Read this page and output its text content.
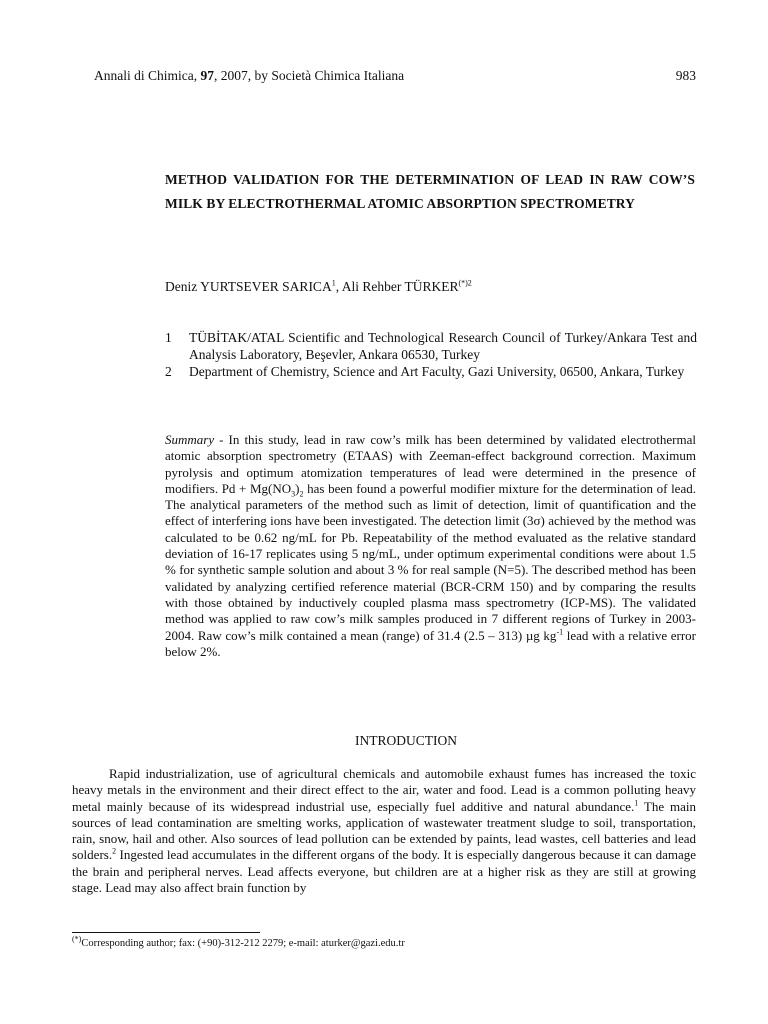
Annali di Chimica, 97, 2007, by Società Chimica Italiana	983
METHOD VALIDATION FOR THE DETERMINATION OF LEAD IN RAW COW’S MILK BY ELECTROTHERMAL ATOMIC ABSORPTION SPECTROMETRY
Deniz YURTSEVER SARICA$^1$, Ali Rehber $TÜRKER^{(*)2}$
1	TÜBİTAK/ATAL Scientific and Technological Research Council of Turkey/Ankara Test and Analysis Laboratory, Beşevler, Ankara 06530, Turkey
2	Department of Chemistry, Science and Art Faculty, Gazi University, 06500, Ankara, Turkey
Summary - In this study, lead in raw cow’s milk has been determined by validated electrothermal atomic absorption spectrometry (ETAAS) with Zeeman-effect background correction. Maximum pyrolysis and optimum atomization temperatures of lead were determined in the presence of modifiers. $Pd + Mg(NO_3)_2$ has been found a powerful modifier mixture for the determination of lead. The analytical parameters of the method such as limit of detection, limit of quantification and the effect of interfering ions have been investigated. The detection limit (3σ) achieved by the method was calculated to be 0.62 ng/mL for Pb. Repeatability of the method evaluated as the relative standard deviation of 16-17 replicates using 5 ng/mL, under optimum experimental conditions were about 1.5 % for synthetic sample solution and about 3 % for real sample (N=5). The described method has been validated by analyzing certified reference material (BCR-CRM 150) and by comparing the results with those obtained by inductively coupled plasma mass spectrometry (ICP-MS). The validated method was applied to raw cow’s milk samples produced in 7 different regions of Turkey in 2003-2004. Raw cow’s milk contained a mean (range) of 31.4 (2.5 – 313) µg $kg^{-1}$ lead with a relative error below 2%.
INTRODUCTION
Rapid industrialization, use of agricultural chemicals and automobile exhaust fumes has increased the toxic heavy metals in the environment and their direct effect to the air, water and food. Lead is a common polluting heavy metal mainly because of its widespread industrial use, especially fuel additive and natural abundance.$^1$ The main sources of lead contamination are smelting works, application of wastewater treatment sludge to soil, transportation, rain, snow, hail and other. Also sources of lead pollution can be extended by paints, lead wastes, cell batteries and lead solders.$^2$ Ingested lead accumulates in the different organs of the body. It is especially dangerous because it can damage the brain and peripheral nerves. Lead affects everyone, but children are at a higher risk as they are still at growing stage. Lead may also affect brain function by
(*)Corresponding author; fax: (+90)-312-212 2279; e-mail: aturker@gazi.edu.tr
